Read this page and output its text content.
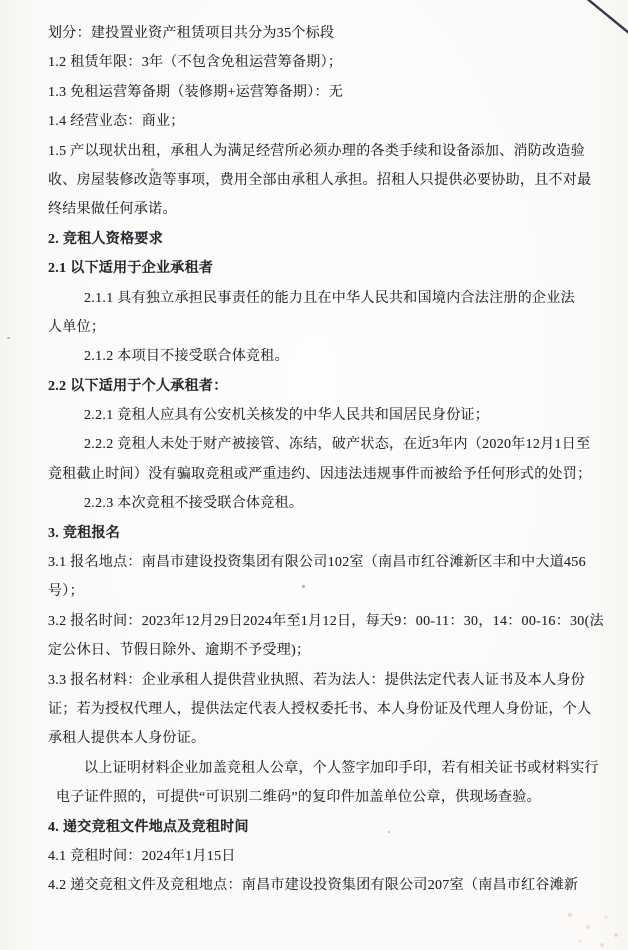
划分：建投置业资产租赁项目共分为35个标段
1.2 租赁年限：3年（不包含免租运营筹备期）；
1.3 免租运营筹备期（装修期+运营筹备期）：无
1.4 经营业态：商业；
1.5 产以现状出租，承租人为满足经营所必须办理的各类手续和设备添加、消防改造验
收、房屋装修改造等事项，费用全部由承租人承担。招租人只提供必要协助，且不对最
终结果做任何承诺。
2. 竞租人资格要求
2.1 以下适用于企业承租者
2.1.1 具有独立承担民事责任的能力且在中华人民共和国境内合法注册的企业法
人单位；
2.1.2 本项目不接受联合体竞租。
2.2 以下适用于个人承租者：
2.2.1 竞租人应具有公安机关核发的中华人民共和国居民身份证；
2.2.2 竞租人未处于财产被接管、冻结，破产状态，在近3年内（2020年12月1日至
竞租截止时间）没有骗取竞租或严重违约、因违法违规事件而被给予任何形式的处罚；
2.2.3 本次竞租不接受联合体竞租。
3. 竞租报名
3.1 报名地点：南昌市建设投资集团有限公司102室（南昌市红谷滩新区丰和中大道456
号）；
3.2 报名时间：2023年12月29日2024年至1月12日，每天9：00-11：30，14：00-16：30(法
定公休日、节假日除外、逾期不予受理)；
3.3 报名材料：企业承租人提供营业执照、若为法人：提供法定代表人证书及本人身份
证；若为授权代理人，提供法定代表人授权委托书、本人身份证及代理人身份证，个人
承租人提供本人身份证。
以上证明材料企业加盖竞租人公章，个人签字加印手印，若有相关证书或材料实行
电子证件照的，可提供“可识别二维码”的复印件加盖单位公章，供现场查验。
4. 递交竞租文件地点及竞租时间
4.1 竞租时间：2024年1月15日
4.2 递交竞租文件及竞租地点：南昌市建设投资集团有限公司207室（南昌市红谷滩新
